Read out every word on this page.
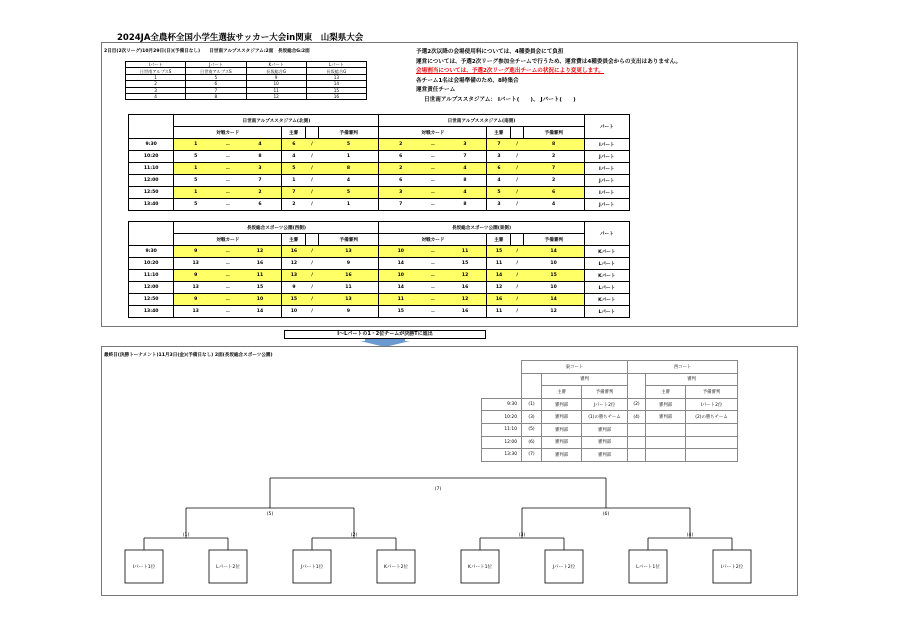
2024JA全農杯全国小学生選抜サッカー大会in関東　山梨県大会
2日目(2次リーグ)10月29日(日)(予備日なし)　　日世南アルプススタジアム:2面　長坂総合G:2面
Iパート	Jパート	Kパート	Lパート
日世南アルプスS	日世南アルプスS	長坂総合G	長坂総合G
1	5	9	13
2	6	10	14
3	7	11	15
4	8	12	16
予選2次以降の会場使用料については、4種委員会にて負担
運営については、予選2次リーグ参加全チームで行うため、運営費は4種委員会からの支出はありません。
会場割当については、予選2次リーグ進出チームの状況により変更します。
各チーム1名は会場準備のため、8時集合
運営責任チーム
日世南アルプススタジアム： Iパート(　　)、 Jパート(　　)
	日世南アルプススタジアム(北側)						日世南アルプススタジアム(南側)						パート
	対戦カード			主審		予備審判	対戦カード			主審		予備審判	
9:30	1	－	4	6	/	5	2	－	3	7	/	8	Iパート
10:20	5	－	8	4	/	1	6	－	7	3	/	2	Jパート
11:10	1	－	3	5	/	8	2	－	4	6	/	7	Iパート
12:00	5	－	7	1	/	4	6	－	8	4	/	2	Jパート
12:50	1	－	2	7	/	5	3	－	4	5	/	6	Iパート
13:40	5	－	6	2	/	1	7	－	8	3	/	4	Jパート
	長坂総合スポーツ公園(西側)						長坂総合スポーツ公園(東側)						パート
	対戦カード			主審		予備審判	対戦カード			主審		予備審判	
9:30	9	－	12	16	/	13	10	－	11	15	/	14	Kパート
10:20	13	－	16	12	/	9	14	－	15	11	/	10	Lパート
11:10	9	－	11	13	/	16	10	－	12	14	/	15	Kパート
12:00	13	－	15	9	/	11	14	－	16	12	/	10	Lパート
12:50	9	－	10	15	/	13	11	－	12	16	/	14	Kパート
13:40	13	－	14	10	/	9	15	－	16	11	/	12	Lパート
I〜Lパートの1・2位チームが決勝Tに進出
最終日(決勝トーナメント)11月3日(金)(予備日なし) 2面(長坂総合スポーツ公園)
	東コート			西コート		
		審判			審判	
		主審	予備審判		主審	予備審判
9:30	(1)	審判部	Jパート2位	(2)	審判部	Iパート2位
10:20	(3)	審判部	(1)の勝ちチーム	(4)	審判部	(2)の勝ちチーム
11:10	(5)	審判部	審判部			
12:00	(6)	審判部	審判部			
13:30	(7)	審判部	審判部			
(7)
(5)	(6)
(1)	(2)	(3)	(4)
Iパート1位	Lパート2位	Jパート1位	Kパート2位	Kパート1位	Jパート2位	Lパート1位	Iパート2位
